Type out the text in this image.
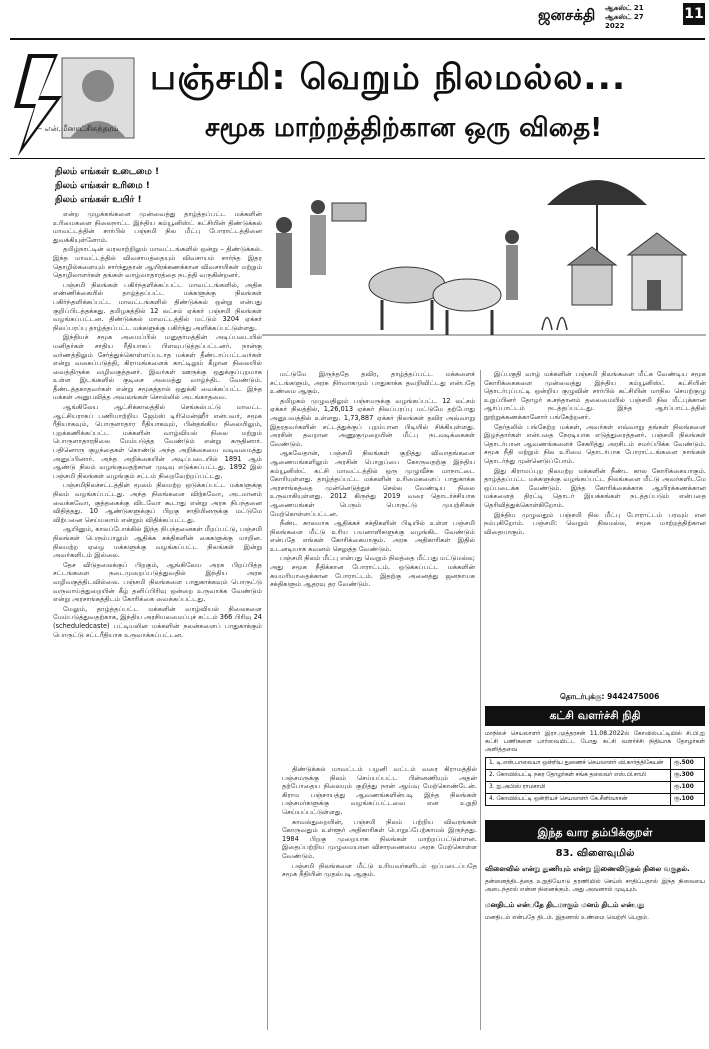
ஜனசக்தி ஆகஸ்ட் 21
ஆகஸ்ட் 27
2022
11
– என்.மீனாட்சிசுந்தரம்
பஞ்சமி: வெறும் நிலமல்ல...
சமூக மாற்றத்திற்கான ஒரு விதை!
நிலம் எங்கள் உடைமை !
நிலம் எங்கள் உரிமை !
நிலம் எங்கள் உயிர் !

என்ற முழக்கங்களை முன்வைத்து தாழ்த்தப்பட்ட மக்களின் உரிமைகளை நிலைநாட்ட இந்திய கம்யூனிஸ்ட் கட்சியின் திண்டுக்கல் மாவட்டத்தின் சார்பில் பஞ்சமி நில மீட்பு போராட்டத்தினை துவக்கியுள்ளோம்.

தமிழ்நாட்டின் வரலாற்றிலும் மாவட்டங்களில் ஒன்று – திண்டுக்கல். இந்த மாவட்டத்தில் விவசாயத்தையும் விவசாயம் சார்ந்த இதர தொழில்களையும் சார்ந்துதான் ஆயிரக்கணக்கான விவசாயிகள் மற்றும் தொழிலாளர்கள் தங்கள் வாழ்வாதாரத்தை நடத்தி வருகின்றனர்.

பஞ்சமி நிலங்கள் பகிர்ந்தளிக்கப்பட்ட மாவட்டங்களில், அதிக எண்ணிக்கையில் தாழ்த்தப்பட்ட மக்களுக்கு நிலங்கள் பகிர்ந்தளிக்கப்பட்ட மாவட்டங்களில் திண்டுக்கல் ஒன்று என்பது குறிப்பிடத்தக்கது. தமிழகத்தில் 12 லட்சம் ஏக்கர் பஞ்சமி நிலங்கள் வழங்கப்பட்டன. திண்டுக்கல் மாவட்டத்தில் மட்டும் 3204 ஏக்கர் நிலப்பரப்பு தாழ்த்தப்பட்ட மக்களுக்கு பகிர்ந்து அளிக்கப்பட்டுள்ளது.

இந்தியச் சமூக அமைப்பில் மனுதர்மத்தின் அடிப்படையில் மனிதர்கள் சாதிய ரீதியாகப் பிளவுபடுத்தப்பட்டனர். நான்கு வர்ணத்திலும் சேர்த்துக்கொள்ளப்படாத மக்கள் தீண்டாப்பட்டவர்கள் என்று வகைப்படுத்தி, கிராமங்களைக் காட்டிலும் கீழான நிலையில் வைத்திருக்க வழிவகுத்தனர். இவர்கள் ஊருக்கு ஒதுக்குப்புறமாக உள்ள இடங்களில் குடிசை அமைத்து வாழ்ந்திட வேண்டும். தீண்டத்தகாதவர்கள் என்று சமூகத்தால் ஒதுக்கி வைக்கப்பட்ட இந்த மக்கள் அனுபவித்த அவலங்கள் சொல்லில் அடங்காதவை.

ஆங்கிலேய ஆட்சிக்காலத்தில் செங்கல்பட்டு மாவட்ட ஆட்சியராகப் பணியாற்றிய ஜேம்ஸ் டிரிமென்ஹீர் என்பவர், சமூக ரீதியாகவும், பொருளாதார ரீதியாகவும், பின்தங்கிய நிலையிலும், புறக்கணிக்கப்பட்ட மக்களின் வாழ்வியல் நிலை மற்றும் பொருளாதாரநிலை மேம்படுத்த வேண்டும் என்று கருதினார். பதினொரு குழந்தைகள் கொண்டு அந்த அறிக்கையை வடிவமைத்து அனுப்பினார். அந்த அறிக்கையின் அடிப்படையில் 1891 ஆம் ஆண்டு நிலம் வழங்குவதற்கான முடிவு எடுக்கப்பட்டது. 1892 இல் பஞ்சமி நிலங்கள் வழங்கும் சட்டம் நிறைவேற்றப்பட்டது.

பஞ்சமிநிலச்சட்டத்தின் மூலம் நிலமற்ற ஒடுக்கப்பட்ட மக்களுக்கு நிலம் வழங்கப்பட்டது. அந்த நிலங்களை விற்கவோ, அடமானம் வைக்கவோ, குத்தகைக்கு விடவோ கூடாது என்று அரசு நிபந்தனை விதித்தது. 10 ஆண்டுகளுக்குப் பிறகு சாதியினருக்கு மட்டுமே விற்பனை செய்யலாம் என்றும் விதிக்கப்பட்டது.

ஆயினும், காலப்போக்கில் இந்த நிபந்தனைகள் மீறப்பட்டு, பஞ்சமி நிலங்கள் பெரும்பாலும் ஆதிக்க சக்திகளின் கைகளுக்கு மாறின. நிலமற்ற ஏழை மக்களுக்கு வழங்கப்பட்ட நிலங்கள் இன்று அவர்களிடம் இல்லை.

தேச விடுதலைக்குப் பிறகும், ஆங்கிலேய அரசு பிறப்பித்த சட்டங்களை நடைமுறைப்படுத்துவதில் இந்திய அரசு வழிவகுத்திடவில்லை. பஞ்சமி நிலங்களை பாதுகாக்கவும் பொருட்டு வருவாய்த்துறையின் கீழ் தனிப்பிரிவு ஒன்றை உருவாக்க வேண்டும் என்று அரசாங்கத்திடம் கோரிக்கை வைக்கப்பட்டது.

மேலும், தாழ்த்தப்பட்ட மக்களின் வாழ்வியல் நிலைகளை மேம்படுத்துவதற்காக, இந்திய அரசியலமைப்புச் சட்டம் 366 பிரிவு 24 (scheduledcaste) பட்டியலின மக்களின் நலன்களைப் பாதுகாக்கும் பொருட்டு சட்டரீதியாக உருவாக்கப்பட்டன.

மட்டுமே இருந்ததே தவிர, தாழ்த்தப்பட்ட மக்களைச் சட்டங்களும், அரசு நிர்வாகமும் பாதுகாக்க தவறிவிட்டது என்பதே உண்மை ஆகும்.

தமிழகம் முழுவதிலும் பஞ்சமருக்கு வழங்கப்பட்ட 12 லட்சம் ஏக்கர் நிலத்தில், 1,26,013 ஏக்கர் நிலப்பரப்பு மட்டுமே தற்போது அனுபவத்தில் உள்ளது. 1,73,887 ஏக்கர் நிலங்கள் தவிர அவ்வாறு இதரதவர்களின் சட்டத்துக்குப் புறம்பான பிடியில் சிக்கியுள்ளது. அரசின் தவறான அணுகுமுறையின் மீட்பு நடவடிக்கைகள் வேண்டும்.

ஆகவேதான், பஞ்சமி நிலங்கள் குறித்து விவாதங்களை ஆணையங்களிலும் அரசின் பொறுப்பை கோருவதற்கு இந்திய கம்யூனிஸ்ட் கட்சி மாவட்டத்தில் ஒரு முழுவீச்சு மாநாட்டை கோரியுள்ளது. தாழ்த்தப்பட்ட மக்களின் உரிமைகளைப் பாதுகாக்க அரசாங்கத்தை முன்னெடுத்துச் செல்ல வேண்டிய நிலை உருவாகியுள்ளது. 2012 கிருந்து 2019 வரை தொடர்ச்சியாக ஆணையங்கள் பெரும் பொருட்டு முயற்சிகள் மேற்கொள்ளப்பட்டன.

நீண்ட காலமாக ஆதிக்கச் சக்திகளின் பிடியில் உள்ள பஞ்சமி நிலங்களை மீட்டு உரிய பயனாளிகளுக்கு வழங்கிட வேண்டும் என்பதே எங்கள் கோரிக்கையாகும். அரசு அதிகாரிகள் இதில் உடனடியாக கவனம் செலுத்த வேண்டும்.

பஞ்சமி நிலம் மீட்பு என்பது வெறும் நிலத்தை மீட்பது மட்டுமல்ல; அது சமூக நீதிக்கான போராட்டம். ஒடுக்கப்பட்ட மக்களின் சுயமரியாதைக்கான போராட்டம். இதற்கு அனைத்து ஜனநாயக சக்திகளும் ஆதரவு தர வேண்டும்.

திண்டுக்கல் மாவட்டம் பழனி வட்டம் வரை கிராமத்தில் பஞ்சமருக்கு நிலம் செய்யப்பட்ட பின்னணியும் அதன் தற்போதைய நிலையும் குறித்து நான் ஆய்வு மேற்கொண்டேன். கிராம பஞ்சாயத்து ஆவணங்களின்படி இந்த நிலங்கள் பஞ்சமர்களுக்கு வழங்கப்பட்டவை என உறுதி செய்யப்பட்டுள்ளது.

காவல்துறையின், பஞ்சமி நிலம் பற்றிய விவரங்கள் கோருவதும் உள்ளூர் அதிகாரிகள் பொறுப்பேற்காமல் இருந்தது. 1984 பிறகு முறையாக நிலங்கள் மாற்றப்பட்டுள்ளன. இதைப்பற்றிய முழுமையான விசாரணையை அரசு மேற்கொள்ள வேண்டும்.

பஞ்சமி நிலங்களை மீட்டு உரியவர்களிடம் ஒப்படைப்பதே சமூக நீதியின் முதல்படி ஆகும்.

இப்பகுதி வாழ் மக்களின் பஞ்சமி நிலங்களை மீட்க வேண்டிய சமூக கோரிக்கைகளை முன்வைத்து இந்திய கம்யூனிஸ்ட் கட்சியின் தொடர்புப்பட்டி ஒன்றிய குழுவின் சார்பில் கட்சியின் மாநில செயற்குழு உறுப்பினர் தோழர் க.சந்தானம் தலைமையில் பஞ்சமி நில மீட்புக்கான ஆர்ப்பாட்டம் நடத்தப்பட்டது. இந்த ஆர்ப்பாட்டத்தில் நூற்றுக்கணக்கானோர் பங்கேற்றனர்.

தேர்தலில் பங்கேற்ற மக்கள், அவர்கள் எவ்வாறு தங்கள் நிலங்களை இழந்தார்கள் என்பதை நேரடியாக எடுத்துரைத்தனர். பஞ்சமி நிலங்கள் தொடர்பான ஆவணங்களைச் சேகரித்து அரசிடம் சமர்ப்பிக்க வேண்டும். சமூக நீதி மற்றும் நில உரிமை தொடர்பாக போராட்டங்களை நாங்கள் தொடர்ந்து முன்னெடுப்போம்.

இது கிராமப்புற நிலமற்ற மக்களின் நீண்ட கால கோரிக்கையாகும். தாழ்த்தப்பட்ட மக்களுக்கு வழங்கப்பட்ட நிலங்களை மீட்டு அவர்களிடமே ஒப்படைக்க வேண்டும். இந்த கோரிக்கைக்காக ஆயிரக்கணக்கான மக்களைத் திரட்டி தொடர் இயக்கங்கள் நடத்தப்படும் என்பதை தெரிவித்துக்கொள்கிறோம்.

இந்திய முழுவதும் பஞ்சமி நில மீட்பு போராட்டம் பரவும் என நம்புகிறோம். பஞ்சமி: வெறும் நிலமல்ல, சமூக மாற்றத்திற்கான விதையாகும்.

தொடர்புக்கு: 9442475006
கட்சி வளர்ச்சி நிதி
மாநிலச் செயலாளர் இரா.முத்தரசன் 11.08.2022ல் கோவில்பட்டியில் சி.பி.ஐ கட்சி பணிகளை பார்வையிட்ட போது கட்சி வளர்ச்சி நிதியாக தோழர்கள் அளித்தவை
1. டி.என்.பாலையா ஒன்றிய துணைச் செயலாளர் வி.கார்த்திகேயன்	ரூ.500
2. கோவில்பட்டி நகர தோழர்கள் சங்க தலைவர் எஸ்.பி.சாமி	ரூ.300
3. ஐ.அபிஸ் ராமசாமி	ரூ.100
4. கோவில்பட்டி ஒன்றியச் செயலாளர் கே.சீனிவாசன்	ரூ.100
இந்த வார தம்பிக்குறள்
83. விளைவுமில்
விளைவில் என்று துணியும் என்று இணைவிடுதல் நிலை வகுதல்.
தன்னைத்திடத்தை உறுதியோடு தரணியில் செய்ல் சாதிப்பதால் இந்த நிலையை அடைந்தால் என்ன நினைக்கும். அது அவனால் முடியும்.
மனதிடம் என்பதே திடமாகும் மனம் திடம் என்பது
மனதிடம் என்பதே திடம். இதனால் உண்மை வெற்றி பெறும்.
